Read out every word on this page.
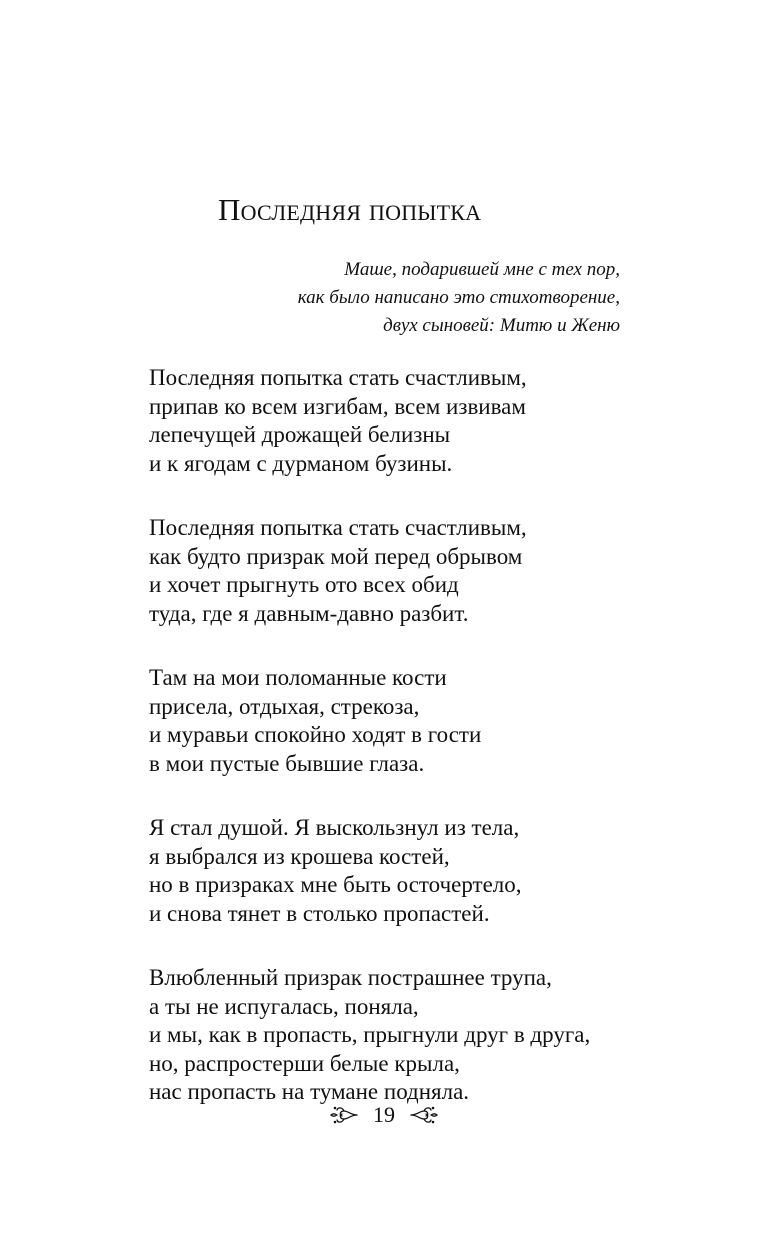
Последняя попытка
Маше, подарившей мне с тех пор,
как было написано это стихотворение,
двух сыновей: Митю и Женю
Последняя попытка стать счастливым,
припав ко всем изгибам, всем извивам
лепечущей дрожащей белизны
и к ягодам с дурманом бузины.
Последняя попытка стать счастливым,
как будто призрак мой перед обрывом
и хочет прыгнуть ото всех обид
туда, где я давным-давно разбит.
Там на мои поломанные кости
присела, отдыхая, стрекоза,
и муравьи спокойно ходят в гости
в мои пустые бывшие глаза.
Я стал душой. Я выскользнул из тела,
я выбрался из крошева костей,
но в призраках мне быть осточертело,
и снова тянет в столько пропастей.
Влюбленный призрак пострашнее трупа,
а ты не испугалась, поняла,
и мы, как в пропасть, прыгнули друг в друга,
но, распростерши белые крыла,
нас пропасть на тумане подняла.
19
